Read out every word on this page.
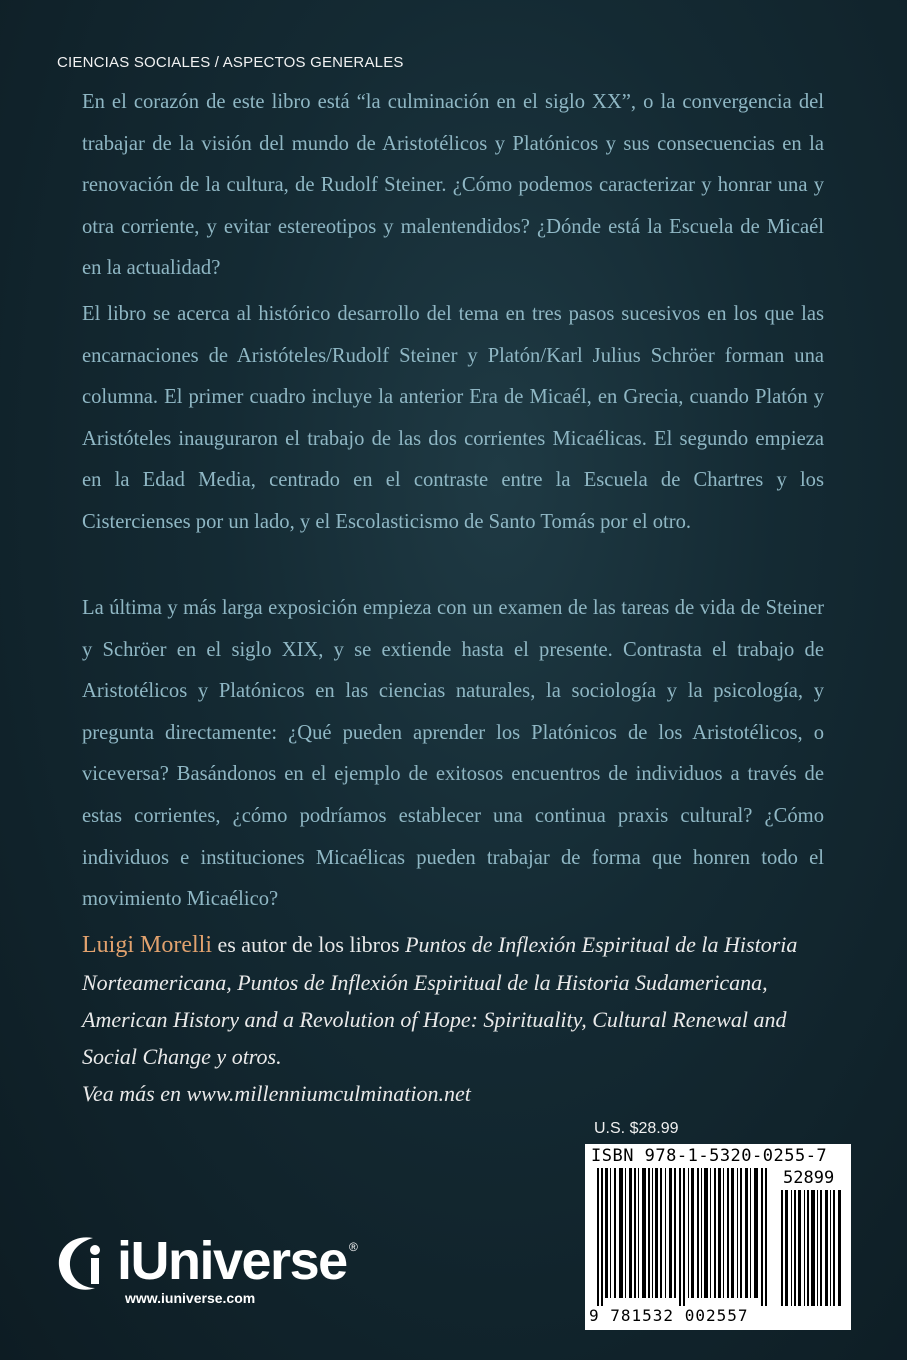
CIENCIAS SOCIALES / ASPECTOS GENERALES

En el corazón de este libro está “la culminación en el siglo XX”, o la convergencia del trabajar de la visión del mundo de Aristotélicos y Platónicos y sus consecuencias en la renovación de la cultura, de Rudolf Steiner. ¿Cómo podemos caracterizar y honrar una y otra corriente, y evitar estereotipos y malentendidos? ¿Dónde está la Escuela de Micaél en la actualidad?

El libro se acerca al histórico desarrollo del tema en tres pasos sucesivos en los que las encarnaciones de Aristóteles/Rudolf Steiner y Platón/Karl Julius Schröer forman una columna. El primer cuadro incluye la anterior Era de Micaél, en Grecia, cuando Platón y Aristóteles inauguraron el trabajo de las dos corrientes Micaélicas. El segundo empieza en la Edad Media, centrado en el contraste entre la Escuela de Chartres y los Cistercienses por un lado, y el Escolasticismo de Santo Tomás por el otro.

La última y más larga exposición empieza con un examen de las tareas de vida de Steiner y Schröer en el siglo XIX, y se extiende hasta el presente. Contrasta el trabajo de Aristotélicos y Platónicos en las ciencias naturales, la sociología y la psicología, y pregunta directamente: ¿Qué pueden aprender los Platónicos de los Aristotélicos, o viceversa? Basándonos en el ejemplo de exitosos encuentros de individuos a través de estas corrientes, ¿cómo podríamos establecer una continua praxis cultural? ¿Cómo individuos e instituciones Micaélicas pueden trabajar de forma que honren todo el movimiento Micaélico?

Luigi Morelli es autor de los libros Puntos de Inflexión Espiritual de la Historia Norteamericana, Puntos de Inflexión Espiritual de la Historia Sudamericana, American History and a Revolution of Hope: Spirituality, Cultural Renewal and Social Change y otros.
Vea más en www.millenniumculmination.net

U.S. $28.99
ISBN 978-1-5320-0255-7
52899
9 781532 002557
iUniverse ®
www.iuniverse.com
